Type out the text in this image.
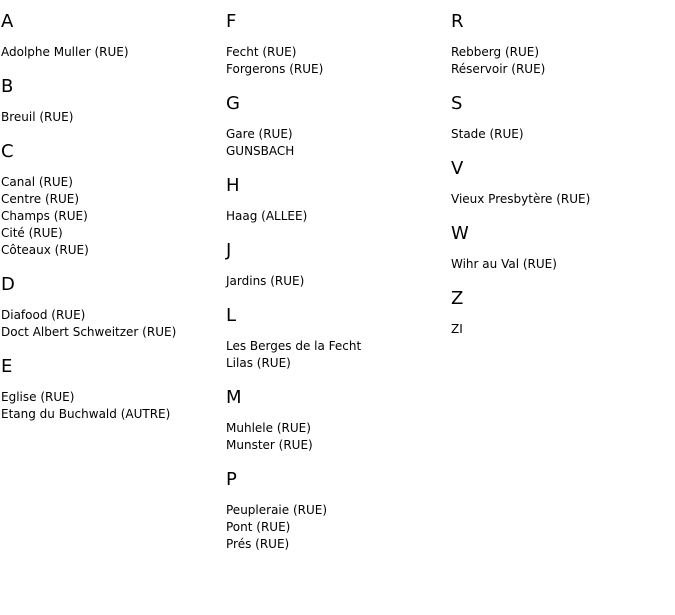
A
Adolphe Muller (RUE)
B
Breuil (RUE)
C
Canal (RUE)
Centre (RUE)
Champs (RUE)
Cité (RUE)
Côteaux (RUE)
D
Diafood (RUE)
Doct Albert Schweitzer (RUE)
E
Eglise (RUE)
Etang du Buchwald (AUTRE)
F
Fecht (RUE)
Forgerons (RUE)
G
Gare (RUE)
GUNSBACH
H
Haag (ALLEE)
J
Jardins (RUE)
L
Les Berges de la Fecht
Lilas (RUE)
M
Muhlele (RUE)
Munster (RUE)
P
Peupleraie (RUE)
Pont (RUE)
Prés (RUE)
R
Rebberg (RUE)
Réservoir (RUE)
S
Stade (RUE)
V
Vieux Presbytère (RUE)
W
Wihr au Val (RUE)
Z
ZI
